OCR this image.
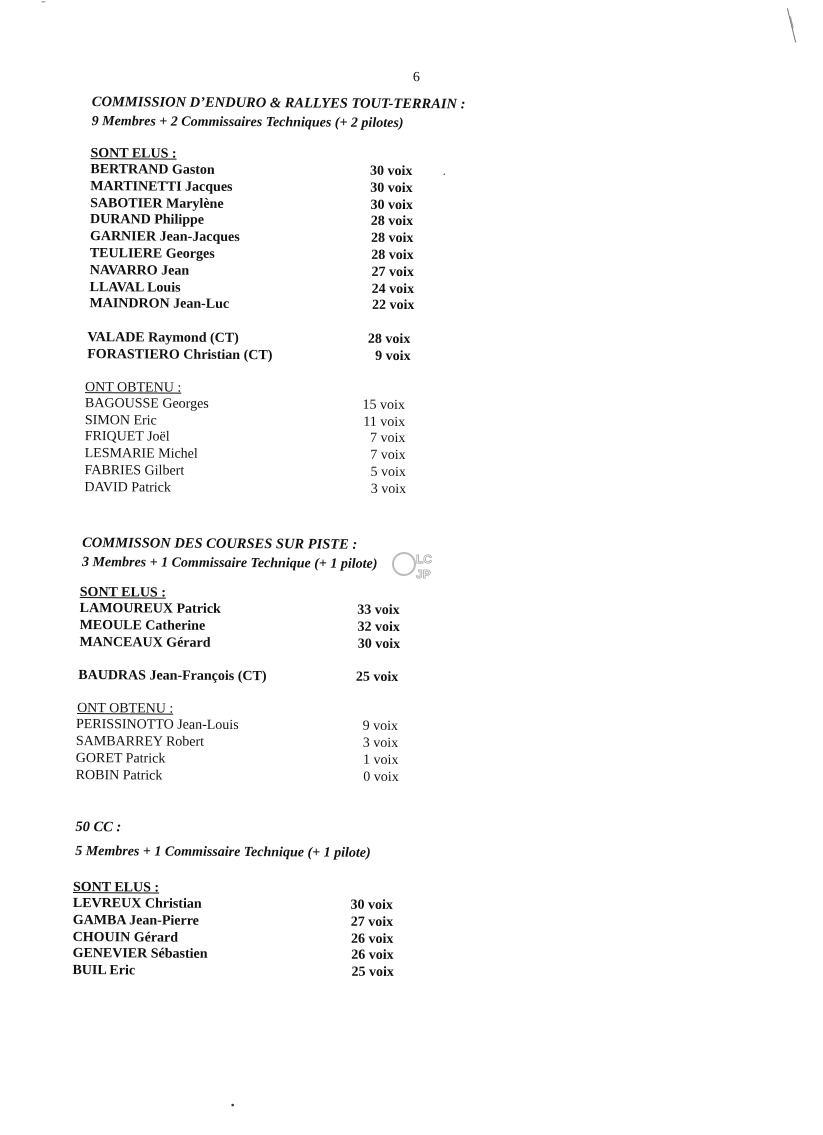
6

COMMISSION D’ENDURO & RALLYES TOUT-TERRAIN :

9 Membres + 2 Commissaires Techniques (+ 2 pilotes)

SONT ELUS :

BERTRAND Gaston	30 voix
MARTINETTI Jacques	30 voix
SABOTIER Marylène	30 voix
DURAND Philippe	28 voix
GARNIER Jean-Jacques	28 voix
TEULIERE Georges	28 voix
NAVARRO Jean	27 voix
LLAVAL Louis	24 voix
MAINDRON Jean-Luc	22 voix
VALADE Raymond (CT)	28 voix
FORASTIERO Christian (CT)	9 voix

ONT OBTENU :

BAGOUSSE Georges	15 voix
SIMON Eric	11 voix
FRIQUET Joël	7 voix
LESMARIE Michel	7 voix
FABRIES Gilbert	5 voix
DAVID Patrick	3 voix

COMMISSON DES COURSES SUR PISTE :

3 Membres + 1 Commissaire Technique (+ 1 pilote)

SONT ELUS :

LAMOUREUX Patrick	33 voix
MEOULE Catherine	32 voix
MANCEAUX Gérard	30 voix
BAUDRAS Jean-François (CT)	25 voix

ONT OBTENU :

PERISSINOTTO Jean-Louis	9 voix
SAMBARREY Robert	3 voix
GORET Patrick	1 voix
ROBIN Patrick	0 voix

50 CC :

5 Membres + 1 Commissaire Technique (+ 1 pilote)

SONT ELUS :

LEVREUX Christian	30 voix
GAMBA Jean-Pierre	27 voix
CHOUIN Gérard	26 voix
GENEVIER Sébastien	26 voix
BUIL Eric	25 voix
LC
JP
